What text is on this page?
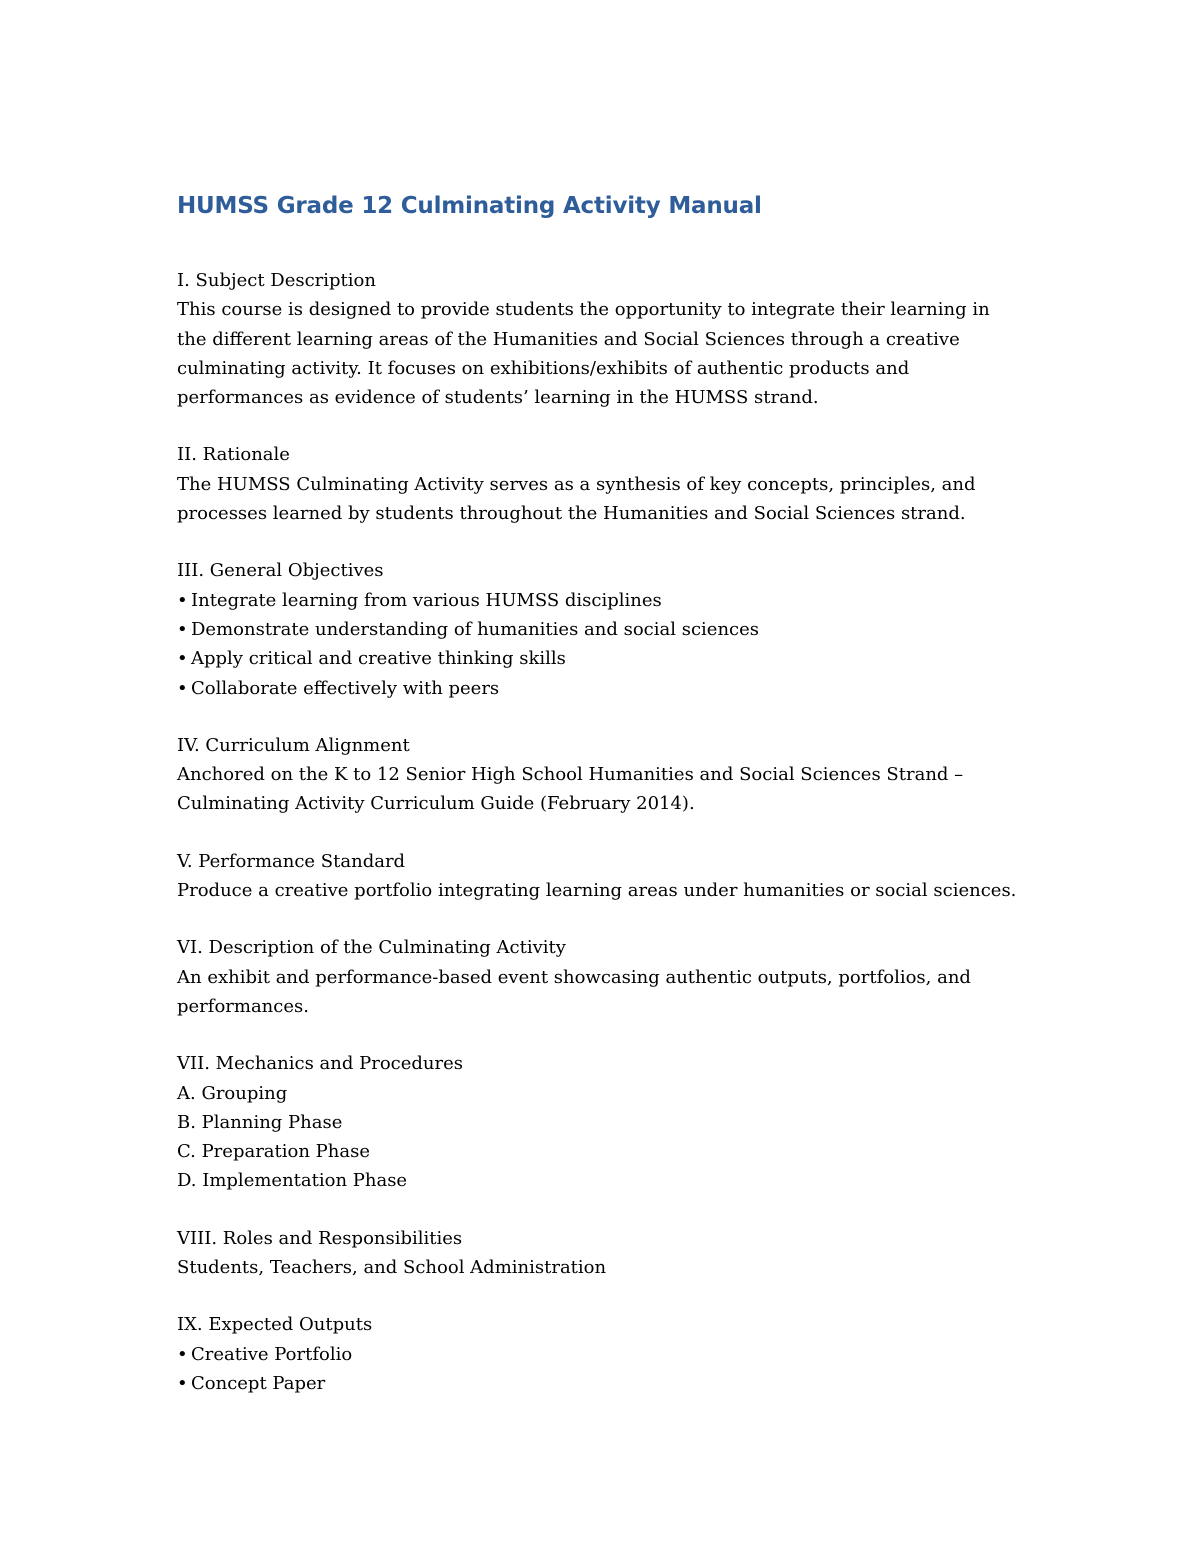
HUMSS Grade 12 Culminating Activity Manual
I. Subject Description
This course is designed to provide students the opportunity to integrate their learning in
the different learning areas of the Humanities and Social Sciences through a creative
culminating activity. It focuses on exhibitions/exhibits of authentic products and
performances as evidence of students’ learning in the HUMSS strand.
II. Rationale
The HUMSS Culminating Activity serves as a synthesis of key concepts, principles, and
processes learned by students throughout the Humanities and Social Sciences strand.
III. General Objectives
• Integrate learning from various HUMSS disciplines
• Demonstrate understanding of humanities and social sciences
• Apply critical and creative thinking skills
• Collaborate effectively with peers
IV. Curriculum Alignment
Anchored on the K to 12 Senior High School Humanities and Social Sciences Strand –
Culminating Activity Curriculum Guide (February 2014).
V. Performance Standard
Produce a creative portfolio integrating learning areas under humanities or social sciences.
VI. Description of the Culminating Activity
An exhibit and performance-based event showcasing authentic outputs, portfolios, and
performances.
VII. Mechanics and Procedures
A. Grouping
B. Planning Phase
C. Preparation Phase
D. Implementation Phase
VIII. Roles and Responsibilities
Students, Teachers, and School Administration
IX. Expected Outputs
• Creative Portfolio
• Concept Paper
